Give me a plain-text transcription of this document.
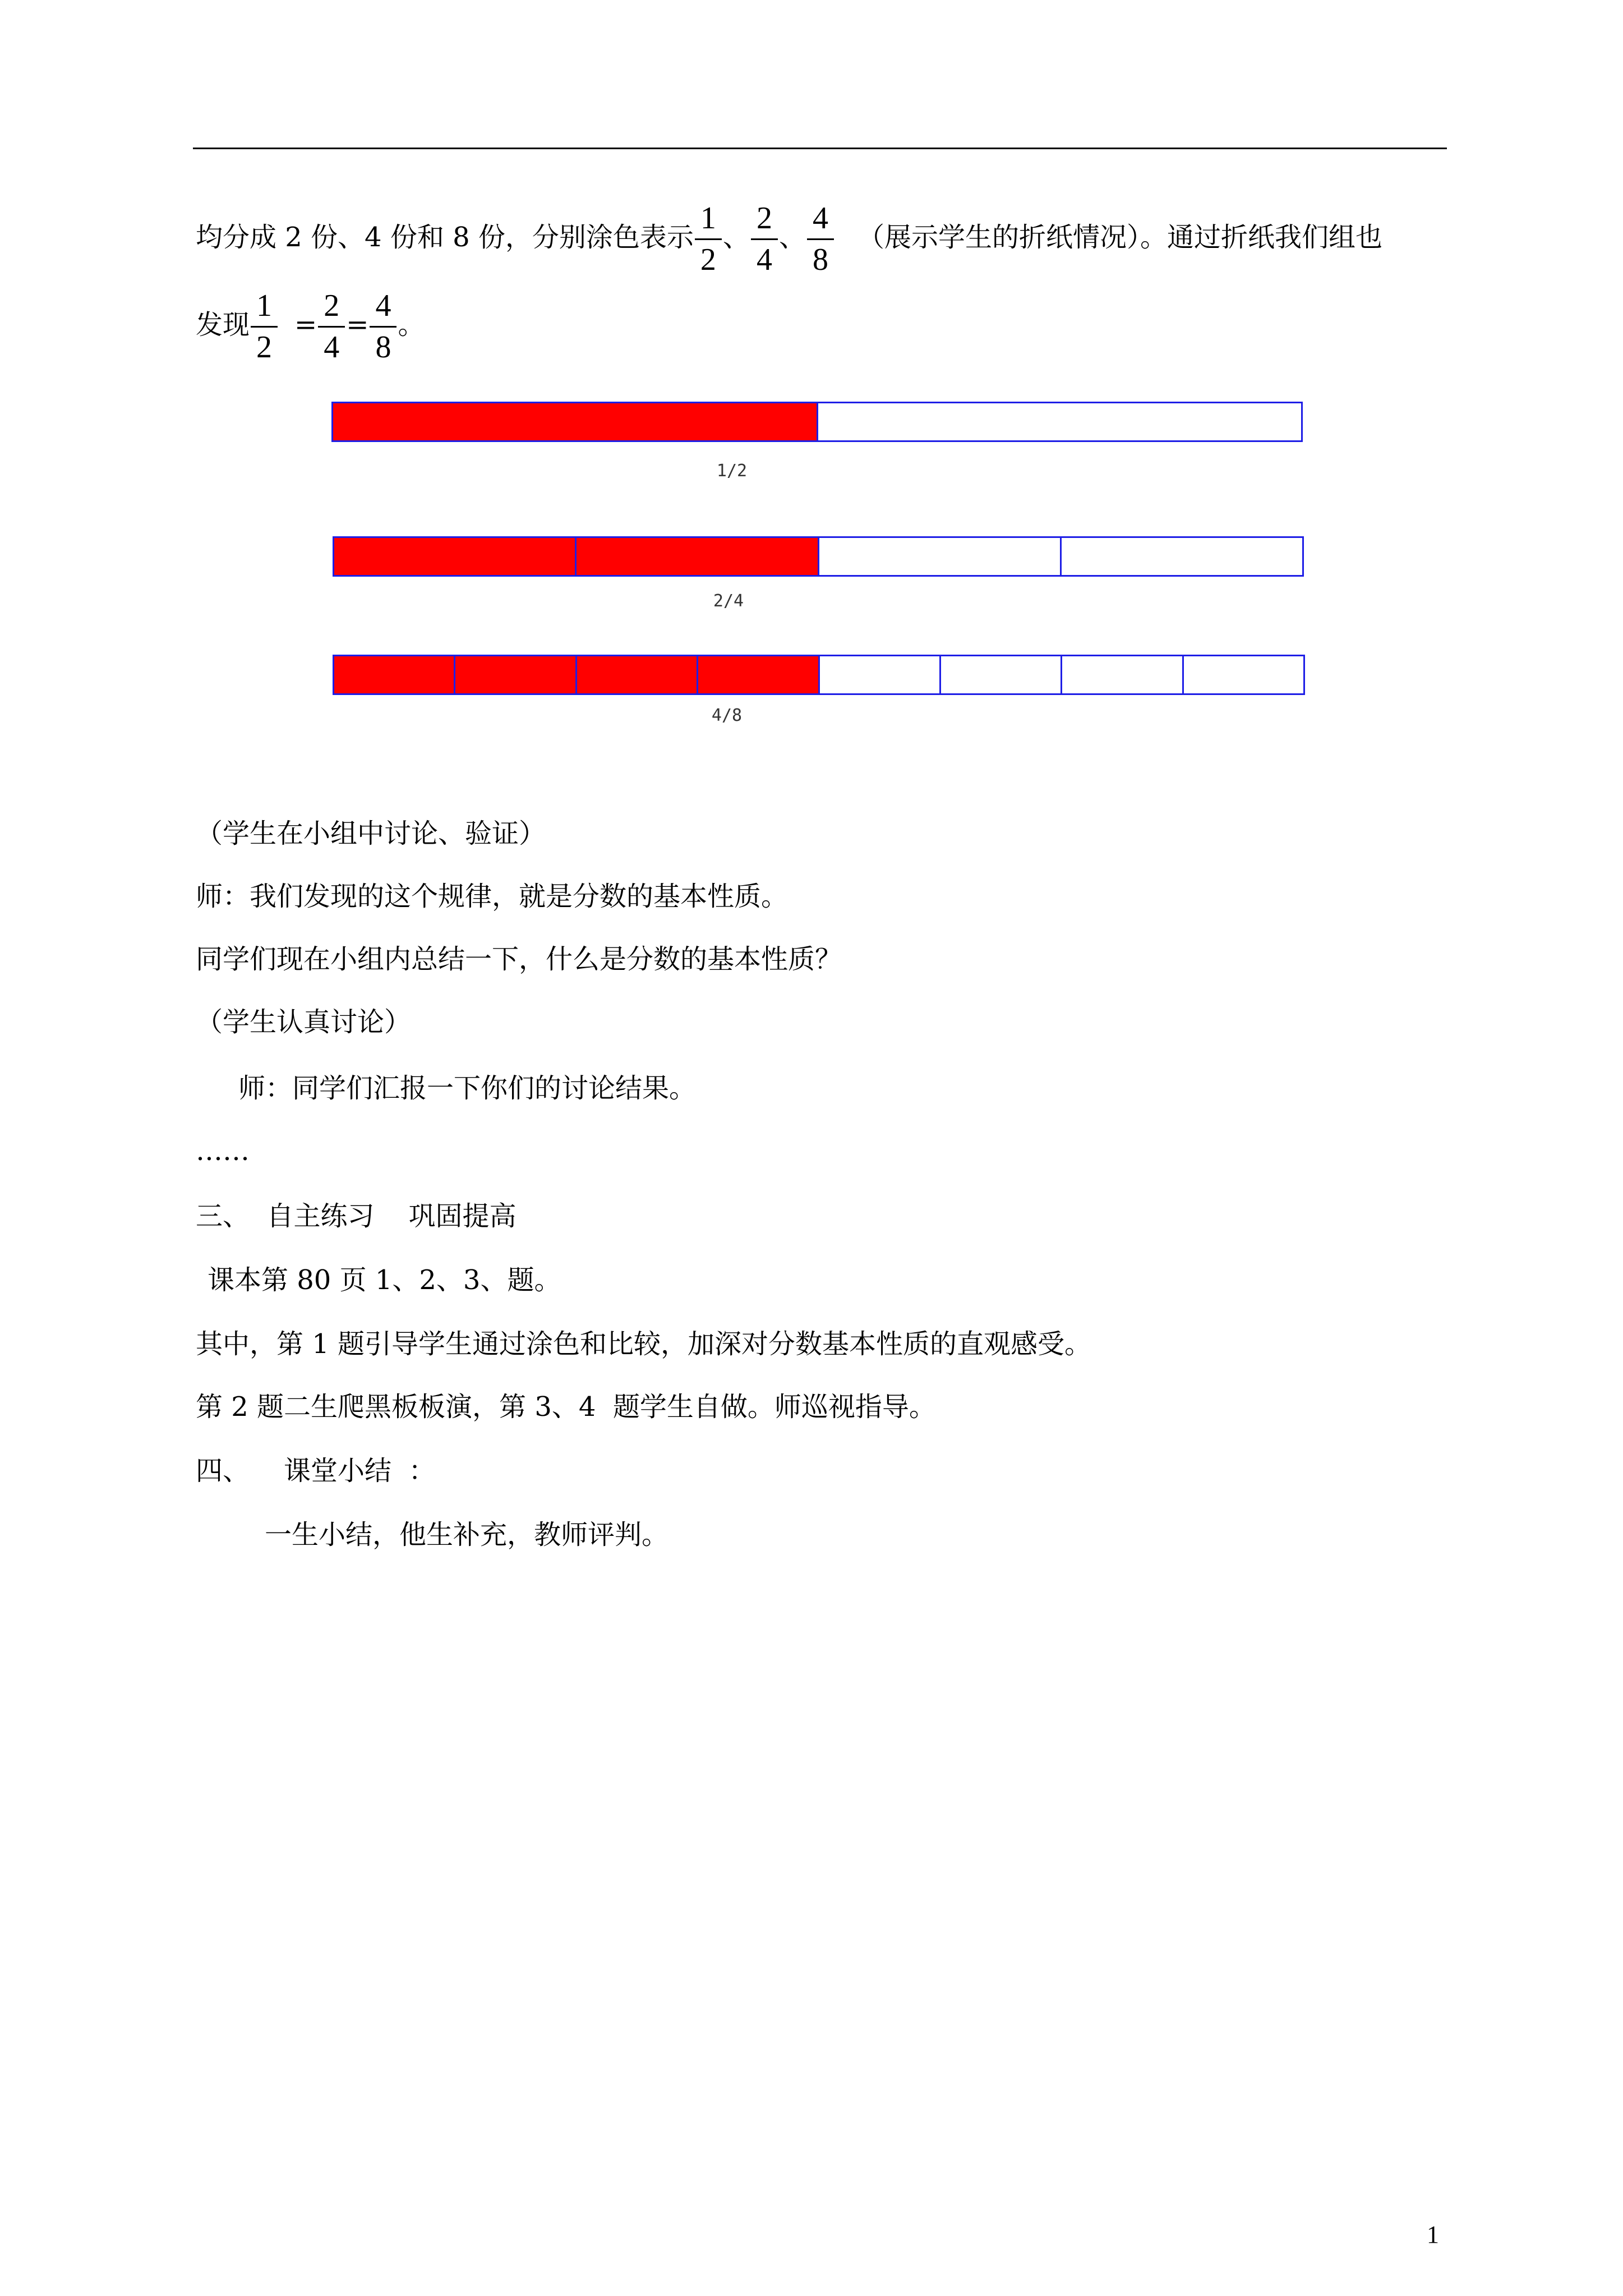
均分成 2 份、4 份和 8 份，分别涂色表示 $\frac{1}{2}$ 、 $\frac{2}{4}$ 、 $\frac{4}{8}$ （展示学生的折纸情况）。通过折纸我们组也
发现 $\frac{1}{2} = \frac{2}{4} = \frac{4}{8}$ 。
1/2
2/4
4/8
（学生在小组中讨论、验证）
师：我们发现的这个规律，就是分数的基本性质。
同学们现在小组内总结一下，什么是分数的基本性质？
（学生认真讨论）
师：同学们汇报一下你们的讨论结果。
……
三、  自主练习    巩固提高
课本第 80 页 1、2、3、题。
其中，第 1 题引导学生通过涂色和比较，加深对分数基本性质的直观感受。
第 2 题二生爬黑板板演，第 3、4  题学生自做。师巡视指导。
四、    课堂小结  ：
一生小结，他生补充，教师评判。
1
